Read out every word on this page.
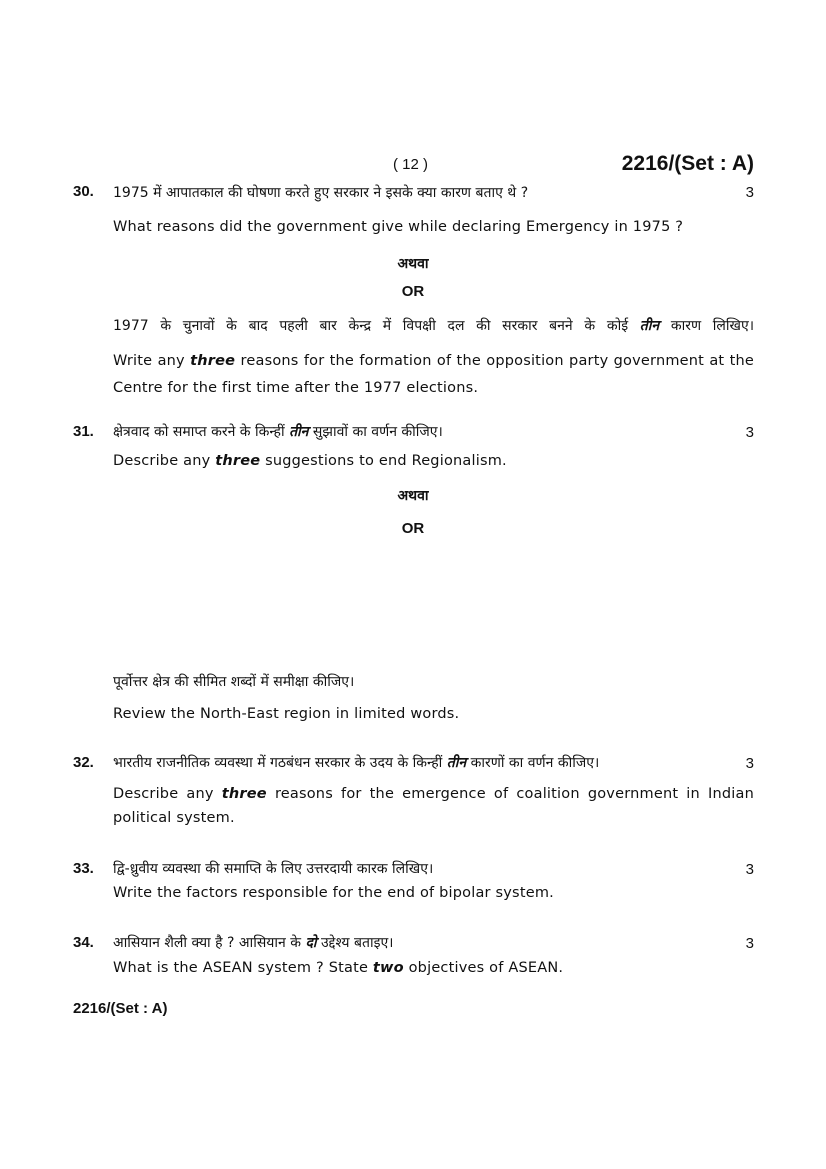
( 12 )	2216/(Set : A)
30. 1975 में आपातकाल की घोषणा करते हुए सरकार ने इसके क्या कारण बताए थे ?	3
What reasons did the government give while declaring Emergency in 1975 ?
अथवा
OR
1977 के चुनावों के बाद पहली बार केन्द्र में विपक्षी दल की सरकार बनने के कोई तीन कारण लिखिए।
Write any three reasons for the formation of the opposition party government at the Centre for the first time after the 1977 elections.
31. क्षेत्रवाद को समाप्त करने के किन्हीं तीन सुझावों का वर्णन कीजिए।	3
Describe any three suggestions to end Regionalism.
अथवा
OR
पूर्वोत्तर क्षेत्र की सीमित शब्दों में समीक्षा कीजिए।
Review the North-East region in limited words.
32. भारतीय राजनीतिक व्यवस्था में गठबंधन सरकार के उदय के किन्हीं तीन कारणों का वर्णन कीजिए।	3
Describe any three reasons for the emergence of coalition government in Indian political system.
33. द्वि-ध्रुवीय व्यवस्था की समाप्ति के लिए उत्तरदायी कारक लिखिए।	3
Write the factors responsible for the end of bipolar system.
34. आसियान शैली क्या है ? आसियान के दो उद्देश्य बताइए।	3
What is the ASEAN system ? State two objectives of ASEAN.
2216/(Set : A)
